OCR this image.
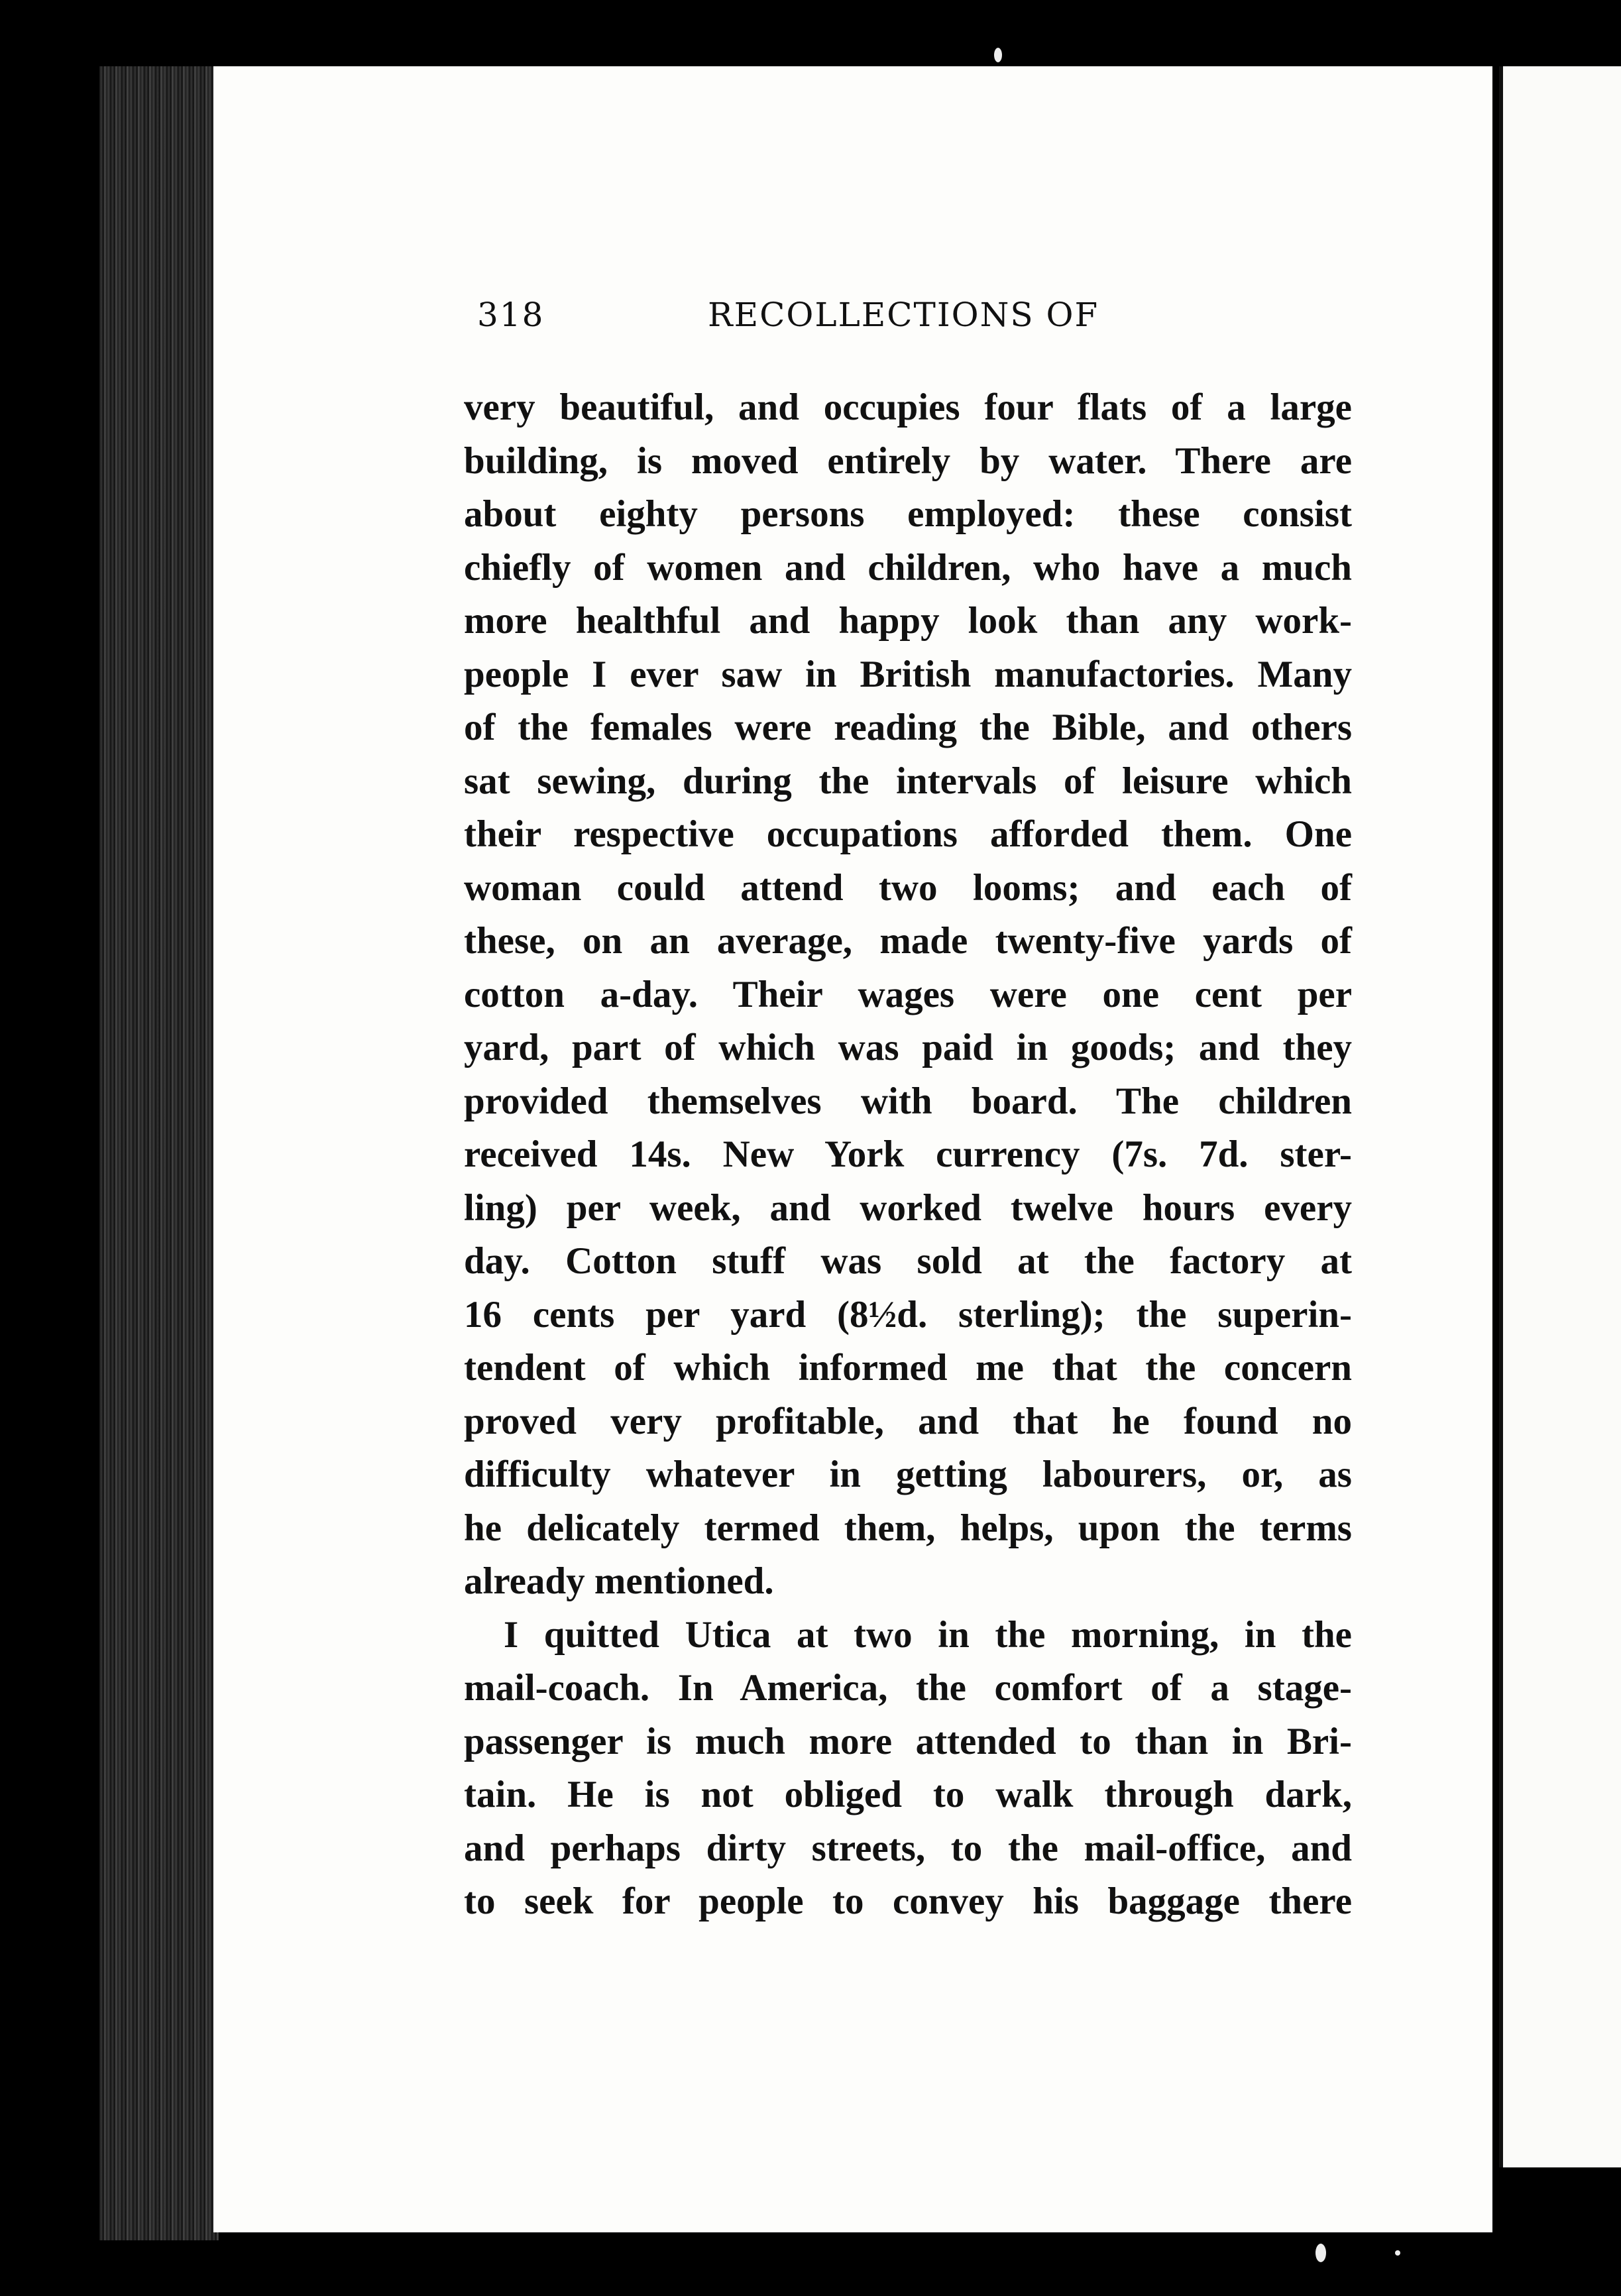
318	RECOLLECTIONS OF
very beautiful, and occupies four flats of a large
building, is moved entirely by water. There are
about eighty persons employed: these consist
chiefly of women and children, who have a much
more healthful and happy look than any work-
people I ever saw in British manufactories. Many
of the females were reading the Bible, and others
sat sewing, during the intervals of leisure which
their respective occupations afforded them. One
woman could attend two looms; and each of
these, on an average, made twenty-five yards of
cotton a-day. Their wages were one cent per
yard, part of which was paid in goods; and they
provided themselves with board. The children
received 14s. New York currency (7s. 7d. ster-
ling) per week, and worked twelve hours every
day. Cotton stuff was sold at the factory at
16 cents per yard (8½d. sterling); the superin-
tendent of which informed me that the concern
proved very profitable, and that he found no
difficulty whatever in getting labourers, or, as
he delicately termed them, helps, upon the terms
already mentioned.
I quitted Utica at two in the morning, in the
mail-coach. In America, the comfort of a stage-
passenger is much more attended to than in Bri-
tain. He is not obliged to walk through dark,
and perhaps dirty streets, to the mail-office, and
to seek for people to convey his baggage there
